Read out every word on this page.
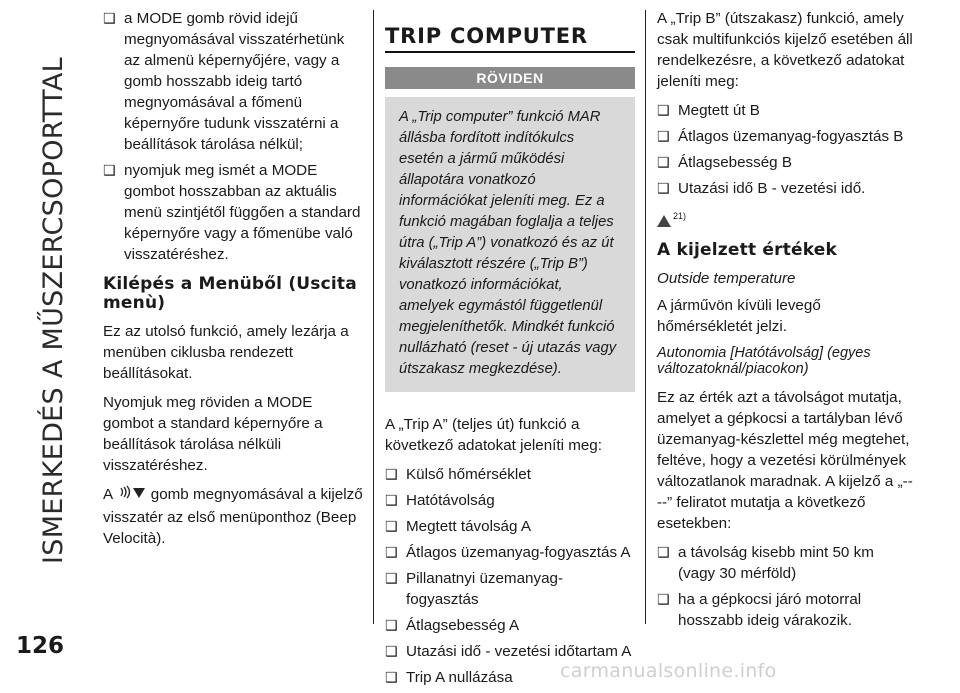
ISMERKEDÉS A MŰSZERCSOPORTTAL
126
❑ a MODE gomb rövid idejű megnyomásával visszatérhetünk az almenü képernyőjére, vagy a gomb hosszabb ideig tartó megnyomásával a főmenü képernyőre tudunk visszatérni a beállítások tárolása nélkül;
❑ nyomjuk meg ismét a MODE gombot hosszabban az aktuális menü szintjétől függően a standard képernyőre vagy a főmenübe való visszatéréshez.
Kilépés a Menüből (Uscita menù)

Ez az utolsó funkció, amely lezárja a menüben ciklusba rendezett beállításokat.

Nyomjuk meg röviden a MODE gombot a standard képernyőre a beállítások tárolása nélküli visszatéréshez.

A	gomb megnyomásával a kijelző visszatér az első menüponthoz (Beep Velocità).

TRIP COMPUTER
RÖVIDEN
A „Trip computer” funkció MAR állásba fordított indítókulcs esetén a jármű működési állapotára vonatkozó információkat jeleníti meg. Ez a funkció magában foglalja a teljes útra („Trip A”) vonatkozó és az út kiválasztott részére („Trip B”) vonatkozó információkat, amelyek egymástól függetlenül megjeleníthetők. Mindkét funkció nullázható (reset - új utazás vagy útszakasz megkezdése).

A „Trip A” (teljes út) funkció a következő adatokat jeleníti meg:

❑ Külső hőmérséklet
❑ Hatótávolság
❑ Megtett távolság A
❑ Átlagos üzemanyag-fogyasztás A
❑ Pillanatnyi üzemanyag-fogyasztás
❑ Átlagsebesség A
❑ Utazási idő - vezetési időtartam A
❑ Trip A nullázása

A „Trip B” (útszakasz) funkció, amely csak multifunkciós kijelző esetében áll rendelkezésre, a következő adatokat jeleníti meg:

❑ Megtett út B
❑ Átlagos üzemanyag-fogyasztás B
❑ Átlagsebesség B
❑ Utazási idő B - vezetési idő.
21)
A kijelzett értékek
Outside temperature

A járművön kívüli levegő hőmérsékletét jelzi.

Autonomia [Hatótávolság] (egyes változatoknál/piacokon)

Ez az érték azt a távolságot mutatja, amelyet a gépkocsi a tartályban lévő üzemanyag-készlettel még megtehet, feltéve, hogy a vezetési körülmények változatlanok maradnak. A kijelző a „----” feliratot mutatja a következő esetekben:

❑ a távolság kisebb mint 50 km (vagy 30 mérföld)
❑ ha a gépkocsi járó motorral hosszabb ideig várakozik.
carmanualsonline.info
